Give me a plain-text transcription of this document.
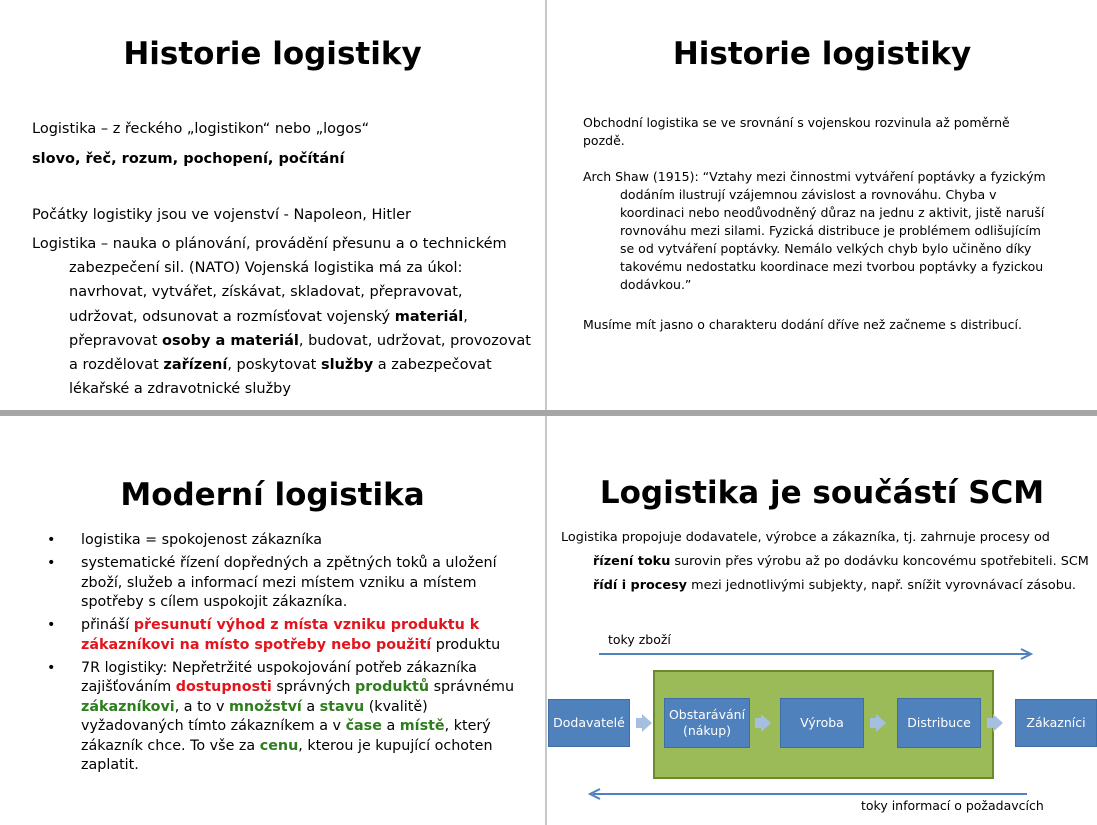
Historie logistiky
Logistika – z řeckého „logistikon“ nebo „logos“
slovo, řeč, rozum, pochopení, počítání
Počátky logistiky jsou ve vojenství - Napoleon, Hitler

Logistika – nauka o plánování, provádění přesunu a o technickém zabezpečení sil. (NATO) Vojenská logistika má za úkol: navrhovat, vytvářet, získávat, skladovat, přepravovat, udržovat, odsunovat a rozmísťovat vojenský materiál, přepravovat osoby a materiál, budovat, udržovat, provozovat a rozdělovat zařízení, poskytovat služby a zabezpečovat lékařské a zdravotnické služby

Historie logistiky
Obchodní logistika se ve srovnání s vojenskou rozvinula až poměrně pozdě.

Arch Shaw (1915): “Vztahy mezi činnostmi vytváření poptávky a fyzickým dodáním ilustrují vzájemnou závislost a rovnováhu. Chyba v koordinaci nebo neodůvodněný důraz na jednu z aktivit, jistě naruší rovnováhu mezi silami. Fyzická distribuce je problémem odlišujícím se od vytváření poptávky. Nemálo velkých chyb bylo učiněno díky takovému nedostatku koordinace mezi tvorbou poptávky a fyzickou dodávkou.”

Musíme mít jasno o charakteru dodání dříve než začneme s distribucí.
Moderní logistika
• logistika = spokojenost zákazníka
• systematické řízení dopředných a zpětných toků a uložení zboží, služeb a informací mezi místem vzniku a místem spotřeby s cílem uspokojit zákazníka.
• přináší přesunutí výhod z místa vzniku produktu k zákazníkovi na místo spotřeby nebo použití produktu
• 7R logistiky: Nepřetržité uspokojování potřeb zákazníka zajišťováním dostupnosti správných produktů správnému zákazníkovi, a to v množství a stavu (kvalitě) vyžadovaných tímto zákazníkem a v čase a místě, který zákazník chce. To vše za cenu, kterou je kupující ochoten zaplatit.
Logistika je součástí SCM

Logistika propojuje dodavatele, výrobce a zákazníka, tj. zahrnuje procesy od řízení toku surovin přes výrobu až po dodávku koncovému spotřebiteli. SCM řídí i procesy mezi jednotlivými subjekty, např. snížit vyrovnávací zásobu.

toky zboží
Dodavatelé
Obstarávání (nákup)
Výroba	Distribuce	Zákazníci
toky informací o požadavcích
